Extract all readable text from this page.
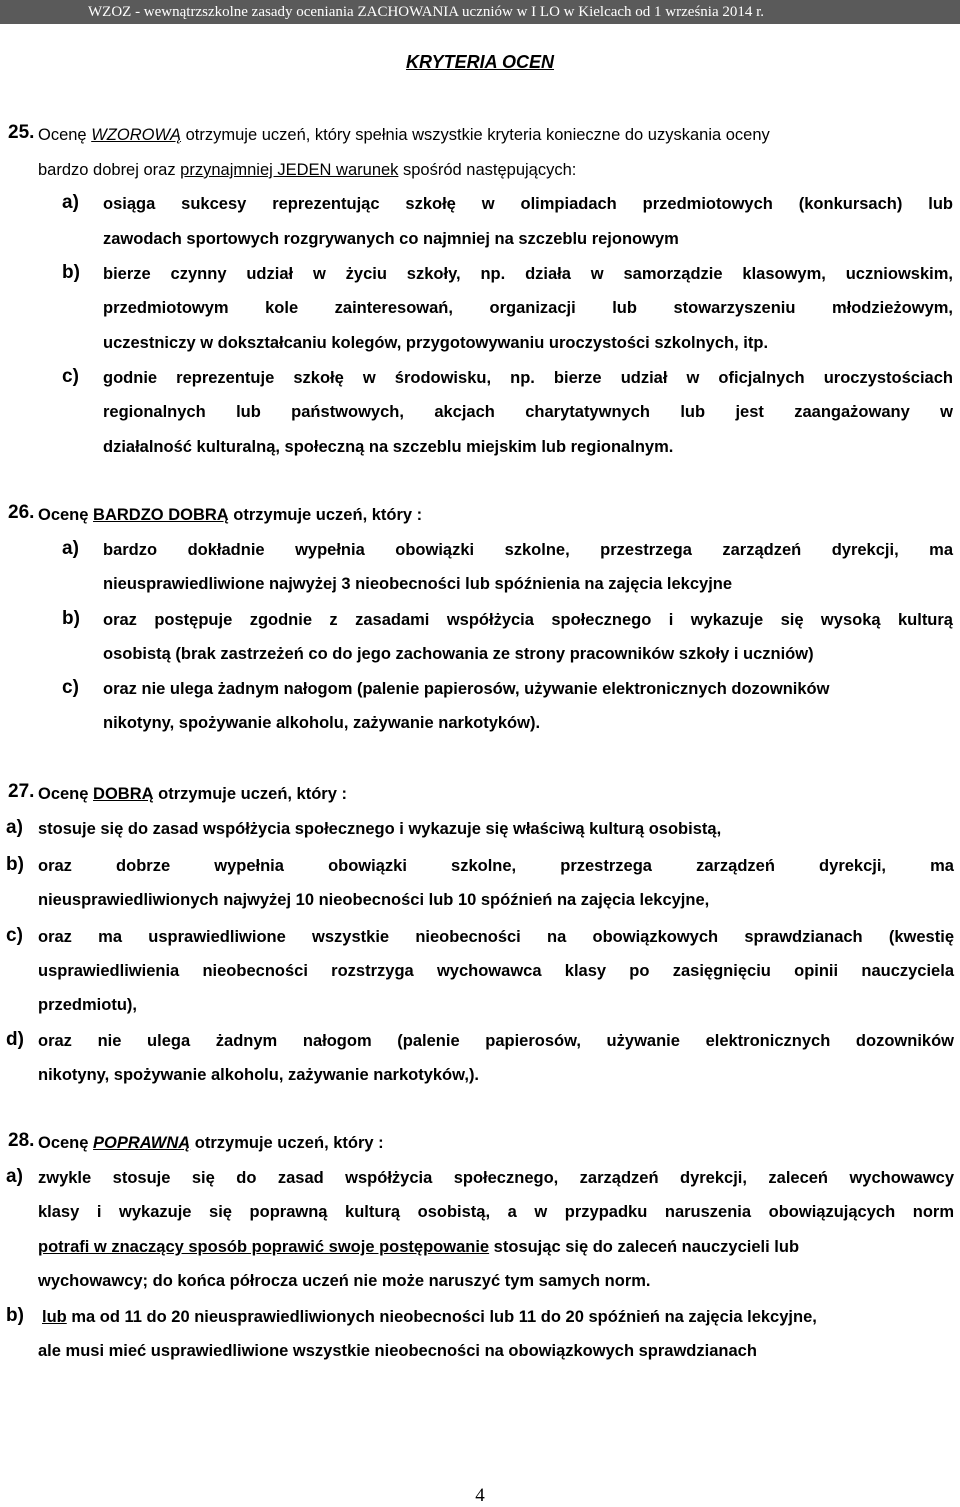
WZOZ - wewnątrzszkolne zasady oceniania ZACHOWANIA uczniów w I LO w Kielcach od 1 września 2014 r.
KRYTERIA OCEN
25. Ocenę WZOROWĄ otrzymuje uczeń, który spełnia wszystkie kryteria konieczne do uzyskania oceny
bardzo dobrej oraz przynajmniej JEDEN warunek spośród następujących:
a) osiąga sukcesy reprezentując szkołę w olimpiadach przedmiotowych (konkursach) lub
zawodach sportowych rozgrywanych co najmniej na szczeblu rejonowym
b) bierze czynny udział w życiu szkoły, np. działa w samorządzie klasowym, uczniowskim,
przedmiotowym kole zainteresowań, organizacji lub stowarzyszeniu młodzieżowym,
uczestniczy w dokształcaniu kolegów, przygotowywaniu uroczystości szkolnych, itp.
c) godnie reprezentuje szkołę w środowisku, np. bierze udział w oficjalnych uroczystościach
regionalnych lub państwowych, akcjach charytatywnych lub jest zaangażowany w
działalność kulturalną, społeczną na szczeblu miejskim lub regionalnym.
26. Ocenę BARDZO DOBRĄ otrzymuje uczeń, który :
a) bardzo dokładnie wypełnia obowiązki szkolne, przestrzega zarządzeń dyrekcji, ma
nieusprawiedliwione najwyżej 3 nieobecności lub spóźnienia na zajęcia lekcyjne
b) oraz postępuje zgodnie z zasadami współżycia społecznego i wykazuje się wysoką kulturą
osobistą (brak zastrzeżeń co do jego zachowania ze strony pracowników szkoły i uczniów)
c) oraz nie ulega żadnym nałogom (palenie papierosów, używanie elektronicznych dozowników
nikotyny, spożywanie alkoholu, zażywanie narkotyków).
27. Ocenę DOBRĄ otrzymuje uczeń, który :
a) stosuje się do zasad współżycia społecznego i wykazuje się właściwą kulturą osobistą,
b) oraz dobrze wypełnia obowiązki szkolne, przestrzega zarządzeń dyrekcji, ma
nieusprawiedliwionych najwyżej 10 nieobecności lub 10 spóźnień na zajęcia lekcyjne,
c) oraz ma usprawiedliwione wszystkie nieobecności na obowiązkowych sprawdzianach (kwestię
usprawiedliwienia nieobecności rozstrzyga wychowawca klasy po zasięgnięciu opinii nauczyciela
przedmiotu),
d) oraz nie ulega żadnym nałogom (palenie papierosów, używanie elektronicznych dozowników
nikotyny, spożywanie alkoholu, zażywanie narkotyków,).
28. Ocenę POPRAWNĄ otrzymuje uczeń, który :
a) zwykle stosuje się do zasad współżycia społecznego, zarządzeń dyrekcji, zaleceń wychowawcy
klasy i wykazuje się poprawną kulturą osobistą, a w przypadku naruszenia obowiązujących norm
potrafi w znaczący sposób poprawić swoje postępowanie stosując się do zaleceń nauczycieli lub
wychowawcy; do końca półrocza uczeń nie może naruszyć tym samych norm.
b) lub ma od 11 do 20 nieusprawiedliwionych nieobecności lub 11 do 20 spóźnień na zajęcia lekcyjne,
ale musi mieć usprawiedliwione wszystkie nieobecności na obowiązkowych sprawdzianach
4
